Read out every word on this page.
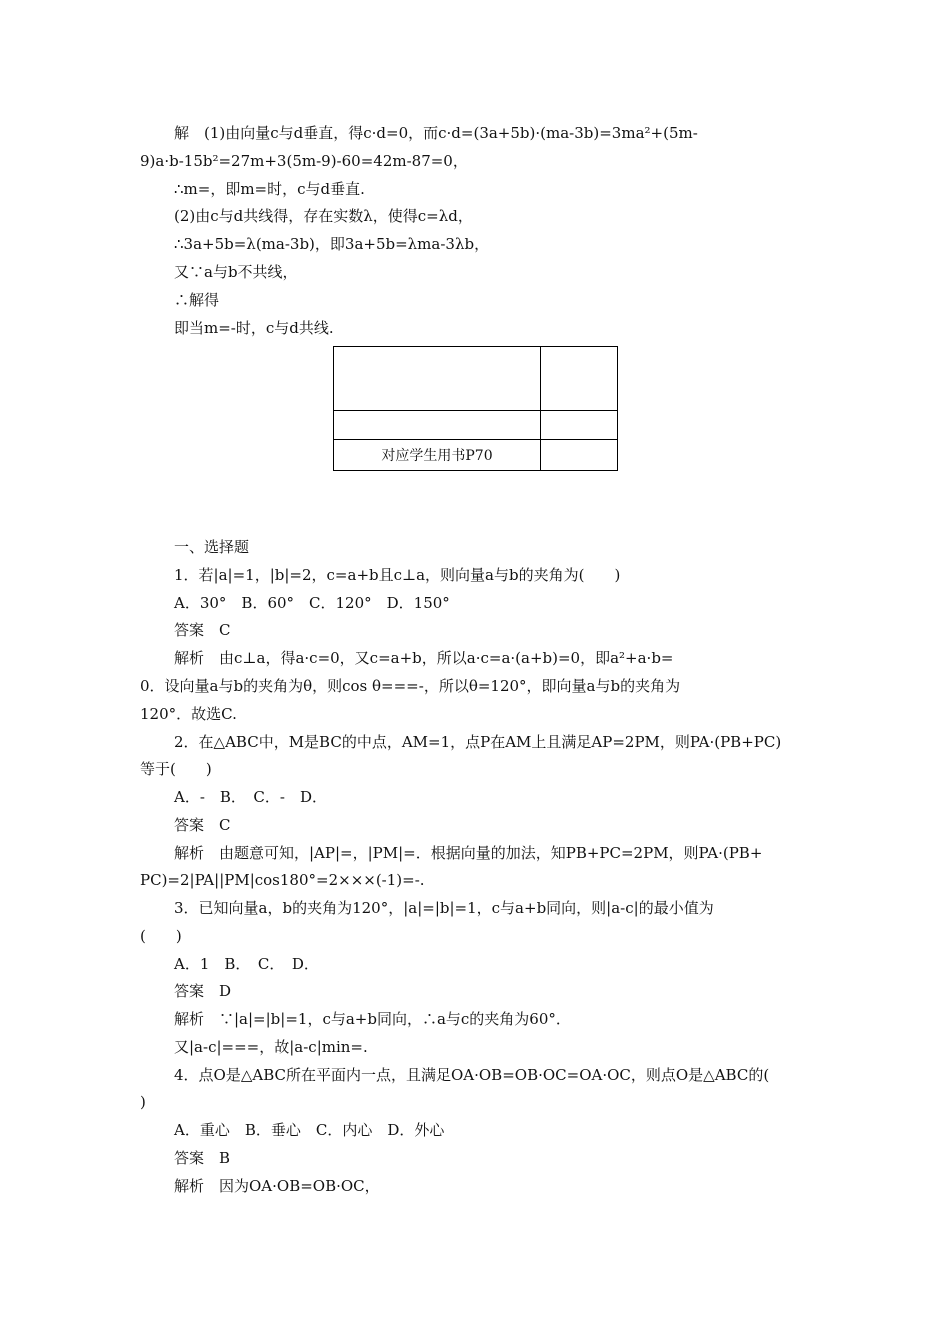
解　(1)由向量c与d垂直，得c·d=0，而c·d=(3a+5b)·(ma-3b)=3ma²+(5m-
9)a·b-15b²=27m+3(5m-9)-60=42m-87=0，
∴m=，即m=时，c与d垂直.
(2)由c与d共线得，存在实数λ，使得c=λd，
∴3a+5b=λ(ma-3b)，即3a+5b=λma-3λb，
又∵a与b不共线，
∴解得
即当m=-时，c与d共线.

对应学生用书P70	
一、选择题
1．若|a|=1，|b|=2，c=a+b且c⊥a，则向量a与b的夹角为(　　)
A．30°　B．60°　C．120°　D．150°
答案　C
解析　由c⊥a，得a·c=0，又c=a+b，所以a·c=a·(a+b)=0，即a²+a·b=
0．设向量a与b的夹角为θ，则cos θ===-，所以θ=120°，即向量a与b的夹角为
120°．故选C.
2．在△ABC中，M是BC的中点，AM=1，点P在AM上且满足AP=2PM，则PA·(PB+PC)
等于(　　)
A．-　B．　C．-　D．
答案　C
解析　由题意可知，|AP|=，|PM|=．根据向量的加法，知PB+PC=2PM，则PA·(PB+
PC)=2|PA||PM|cos180°=2×××(-1)=-.
3．已知向量a，b的夹角为120°，|a|=|b|=1，c与a+b同向，则|a-c|的最小值为
(　　)
A．1　B．　C．　D．
答案　D
解析　∵|a|=|b|=1，c与a+b同向，∴a与c的夹角为60°．
又|a-c|===，故|a-c|min=.
4．点O是△ABC所在平面内一点，且满足OA·OB=OB·OC=OA·OC，则点O是△ABC的(
)
A．重心　B．垂心　C．内心　D．外心
答案　B
解析　因为OA·OB=OB·OC，
